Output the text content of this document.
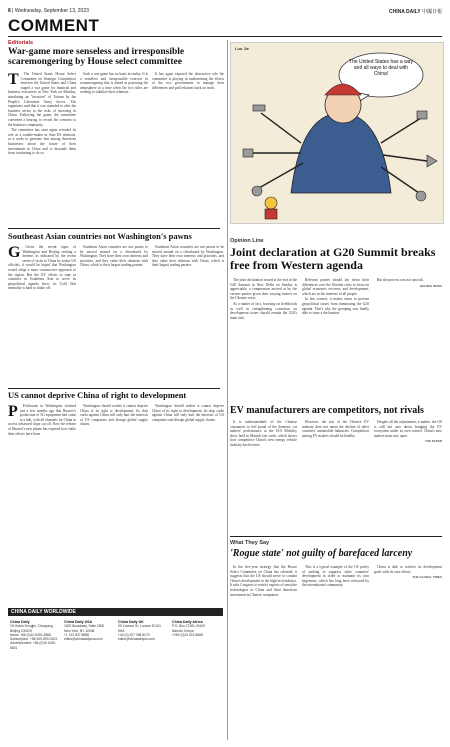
8 | Wednesday, September 13, 2023	CHINA DAILY 中國日報
COMMENT
Editorials
War-game more senseless and irresponsible scaremongering by House select committee
T	The United States House Select Committee on Strategic Competition between the United States and China staged a war game for financial and business executives in New York on Monday, simulating an "invasion" of Taiwan by the People's Liberation Army forces. The organizers said that it was intended to alert the business sector to the risks of investing in China. Following the game, the committee convened a hearing to reveal the scenario to the business community.

The committee has once again revealed its role as a trouble-maker in Sino-US relations, as it seeks to generate fear among American businesses about the future of their investments in China and to dissuade them from continuing to do so.

Such a war game has no basis in reality. It is a senseless and irresponsible exercise in scaremongering that is aimed at poisoning the atmosphere at a time when the two sides are seeking to stabilize their relations.

It has again exposed the destructive role the committee is playing in undermining the efforts of the two governments to manage their differences and pull relations back on track.

The United States has a way and all ways to deal with China!
Luo Jie
Southeast Asian countries not Washington's pawns
G	Given the recent signs of Washington and Beijing seeking a detente, as indicated by the recent series of visits to China by senior US officials, it would be hoped that Washington would adopt a more constructive approach to the region. But the US' efforts to rope in countries in Southeast Asia to serve its geopolitical agenda show its Cold War mentality is hard to shake off.

Southeast Asian countries are not pawns to be moved around on a chessboard by Washington. They have their own interests and priorities, and they value their relations with China, which is their largest trading partner.

Southeast Asian countries are not pawns to be moved around on a chessboard by Washington. They have their own interests and priorities, and they value their relations with China, which is their largest trading partner.

US cannot deprive China of right to development
P	Politicians in Washington claimed just a few months ago that Huawei's production of 5G equipment had come to a halt, with all channels for China to access advanced chips cut off. Now the release of Huawei's new phone has exposed how futile their efforts have been.

Washington should realize it cannot deprive China of its right to development. Its chip curbs against China will only hurt the interests of US companies and disrupt global supply chains.

Washington should realize it cannot deprive China of its right to development. Its chip curbs against China will only hurt the interests of US companies and disrupt global supply chains.

CHINA DAILY WORLDWIDE
China Daily
15 Huixin Dongjie, Chaoyang,
Beijing 100029
News: +86 (0)10 6491-8366
Subscription: +86 400-699-0203
Advertisement: +86 (0)10 6491-8631
China Daily USA
1500 Broadway, Suite 2800
New York, NY 10036
+1 212 537 8888
editor@chinadailyusa.com
China Daily UK
90 Cannon St, London EC4N 6HA
+44 (0) 207 398 8270
editor@chinadailyuk.com
China Daily Africa
P.O. Box 27281-00100
Nairobi, Kenya
+254 (0)20 522 8688
Opinion Line
Joint declaration at G20 Summit breaks free from Western agenda

The joint declaration issued at the end of the G20 Summit in New Delhi on Sunday is appreciable, a compromise arrived at by the various parties given their varying stances on the Ukraine crisis.

As a matter of fact, focusing on livelihoods as well as strengthening consensus on development issues should remain the G20's main task.

Relevant parties should lay down their differences over the Ukraine crisis to focus on global economic recovery and development, which are in the interests of all people.

In this context, it makes sense to prevent geopolitical issues from dominating the G20 agenda. That's why the grouping was finally able to issue a declaration.

But the process was not smooth.

BEIJING NEWS
EV manufacturers are competitors, not rivals

It is understandable of the Chinese consumers to feel proud of the domestic car makers' performance at the IAA Mobility show held in Munich last week, which shows how competitive China's new energy vehicle industry has become.

However, the rise of the Chinese EV industry does not mean the decline of other countries' automobile industries. Competition among EV makers should be healthy.

Despite all the adjustments it makes, the US is still not sure about bringing the EV ecosystem under its own control. China's auto makers must stay open.

THE PAPER
What They Say
'Rogue state' not guilty of barefaced larceny

In the five-year strategy that the House Select Committee on China has released, it suggests that the US should strive to contain China's development in the high-tech industry. It asks Congress to restrict exports of sensitive technologies to China and limit American investment in Chinese companies.

This is a typical example of the US policy of seeking to suppress other countries' development in order to maintain its own hegemony, which has long been criticized by the international community.

China is able to achieve its development goals with its own efforts.

THE GLOBAL TIMES
